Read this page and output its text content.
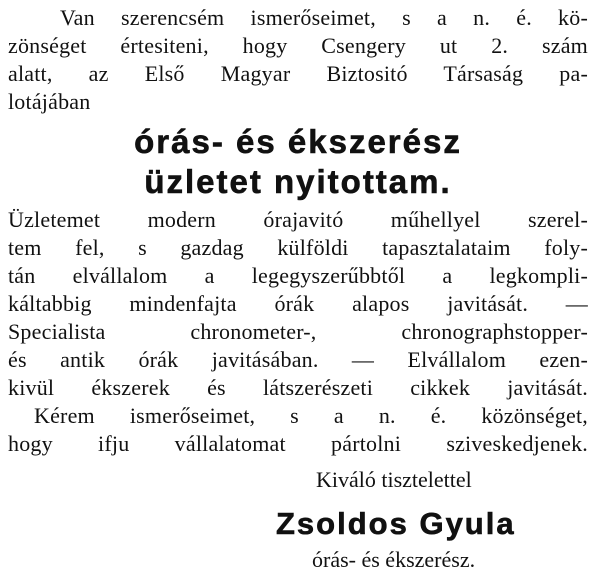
Van szerencsém ismerőseimet, s a n. é. kö-
zönséget értesiteni, hogy Csengery ut 2. szám
alatt, az Első Magyar Biztositó Társaság pa-
lotájában
órás- és ékszerész
üzletet nyitottam.
Üzletemet modern órajavitó műhellyel szerel-
tem fel, s gazdag külföldi tapasztalataim foly-
tán elvállalom a legegyszerűbbtől a legkompli-
káltabbig mindenfajta órák alapos javitását. —
Specialista chronometer-, chronographstopper-
és antik órák javitásában. — Elvállalom ezen-
kivül ékszerek és látszerészeti cikkek javitását.
Kérem ismerőseimet, s a n. é. közönséget,
hogy ifju vállalatomat pártolni sziveskedjenek.
Kiváló tisztelettel
Zsoldos Gyula
órás- és ékszerész.
